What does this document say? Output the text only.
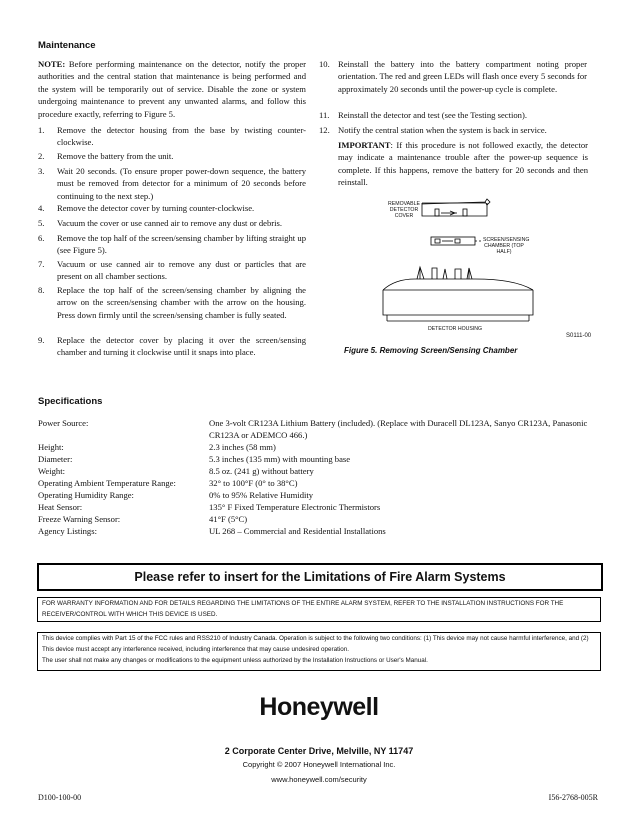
Maintenance
NOTE: Before performing maintenance on the detector, notify the proper authorities and the central station that maintenance is being performed and the system will be temporarily out of service. Disable the zone or system undergoing maintenance to prevent any unwanted alarms, and follow this procedure exactly, referring to Figure 5.
1. Remove the detector housing from the base by twisting counter-clockwise.
2. Remove the battery from the unit.
3. Wait 20 seconds. (To ensure proper power-down sequence, the battery must be removed from detector for a minimum of 20 seconds before continuing to the next step.)
4. Remove the detector cover by turning counter-clockwise.
5. Vacuum the cover or use canned air to remove any dust or debris.
6. Remove the top half of the screen/sensing chamber by lifting straight up (see Figure 5).
7. Vacuum or use canned air to remove any dust or particles that are present on all chamber sections.
8. Replace the top half of the screen/sensing chamber by aligning the arrow on the screen/sensing chamber with the arrow on the housing. Press down firmly until the screen/sensing chamber is fully seated.
9. Replace the detector cover by placing it over the screen/sensing chamber and turning it clockwise until it snaps into place.
10. Reinstall the battery into the battery compartment noting proper orientation. The red and green LEDs will flash once every 5 seconds for approximately 20 seconds until the power-up cycle is complete.
11. Reinstall the detector and test (see the Testing section).
12. Notify the central station when the system is back in service.
IMPORTANT: If this procedure is not followed exactly, the detector may indicate a maintenance trouble after the power-up sequence is complete. If this happens, remove the battery for 20 seconds and then reinstall.
REMOVABLE DETECTOR COVER
SCREEN/SENSING CHAMBER (TOP HALF)
DETECTOR HOUSING
S0111-00
Figure 5. Removing Screen/Sensing Chamber
Specifications
Power Source:	One 3-volt CR123A Lithium Battery (included). (Replace with Duracell DL123A, Sanyo CR123A, Panasonic CR123A or ADEMCO 466.)
Height:	2.3 inches (58 mm)
Diameter:	5.3 inches (135 mm) with mounting base
Weight:	8.5 oz. (241 g) without battery
Operating Ambient Temperature Range:	32° to 100°F (0° to 38°C)
Operating Humidity Range:	0% to 95% Relative Humidity
Heat Sensor:	135° F Fixed Temperature Electronic Thermistors
Freeze Warning Sensor:	41°F (5°C)
Agency Listings:	UL 268 – Commercial and Residential Installations
Please refer to insert for the Limitations of Fire Alarm Systems
FOR WARRANTY INFORMATION AND FOR DETAILS REGARDING THE LIMITATIONS OF THE ENTIRE ALARM SYSTEM, REFER TO THE INSTALLATION INSTRUCTIONS FOR THE RECEIVER/CONTROL WITH WHICH THIS DEVICE IS USED.
This device complies with Part 15 of the FCC rules and RSS210 of Industry Canada. Operation is subject to the following two conditions: (1) This device may not cause harmful interference, and (2) This device must accept any interference received, including interference that may cause undesired operation.
The user shall not make any changes or modifications to the equipment unless authorized by the Installation Instructions or User's Manual.
Honeywell
2 Corporate Center Drive, Melville, NY 11747
Copyright © 2007 Honeywell International Inc.
www.honeywell.com/security
D100-100-00	I56-2768-005R
